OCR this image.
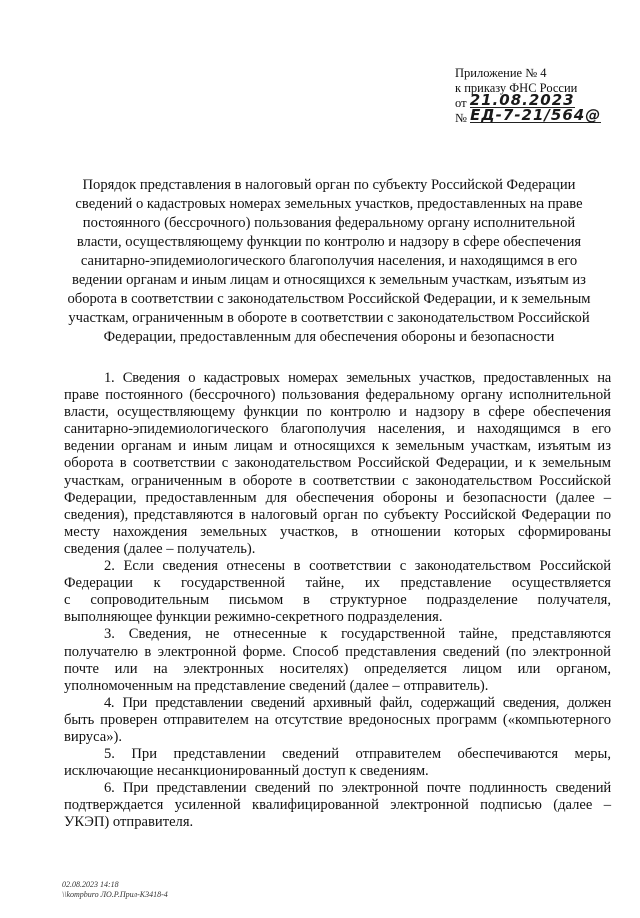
Приложение № 4
к приказу ФНС России
от 21.08.2023
№ ЕД-7-21/564@
Порядок представления в налоговый орган по субъекту Российской Федерации
сведений о кадастровых номерах земельных участков, предоставленных на праве
постоянного (бессрочного) пользования федеральному органу исполнительной
власти, осуществляющему функции по контролю и надзору в сфере обеспечения
санитарно-эпидемиологического благополучия населения, и находящимся в его
ведении органам и иным лицам и относящихся к земельным участкам, изъятым из
оборота в соответствии с законодательством Российской Федерации, и к земельным
участкам, ограниченным в обороте в соответствии с законодательством Российской
Федерации, предоставленным для обеспечения обороны и безопасности
1. Сведения о кадастровых номерах земельных участков, предоставленных на
праве постоянного (бессрочного) пользования федеральному органу исполнительной
власти, осуществляющему функции по контролю и надзору в сфере обеспечения
санитарно-эпидемиологического благополучия населения, и находящимся в его
ведении органам и иным лицам и относящихся к земельным участкам, изъятым из
оборота в соответствии с законодательством Российской Федерации, и к земельным
участкам, ограниченным в обороте в соответствии с законодательством Российской
Федерации, предоставленным для обеспечения обороны и безопасности (далее –
сведения), представляются в налоговый орган по субъекту Российской Федерации по
месту нахождения земельных участков, в отношении которых сформированы
сведения (далее – получатель).
2. Если сведения отнесены в соответствии с законодательством Российской
Федерации к государственной тайне, их представление осуществляется
с сопроводительным письмом в структурное подразделение получателя,
выполняющее функции режимно-секретного подразделения.
3. Сведения, не отнесенные к государственной тайне, представляются
получателю в электронной форме. Способ представления сведений (по электронной
почте или на электронных носителях) определяется лицом или органом,
уполномоченным на представление сведений (далее – отправитель).
4. При представлении сведений архивный файл, содержащий сведения, должен
быть проверен отправителем на отсутствие вредоносных программ («компьютерного
вируса»).
5. При представлении сведений отправителем обеспечиваются меры,
исключающие несанкционированный доступ к сведениям.
6. При представлении сведений по электронной почте подлинность сведений
подтверждается усиленной квалифицированной электронной подписью (далее –
УКЭП) отправителя.
02.08.2023 14:18
\\kompburo ЛО.Р.Прил-К3418-4
